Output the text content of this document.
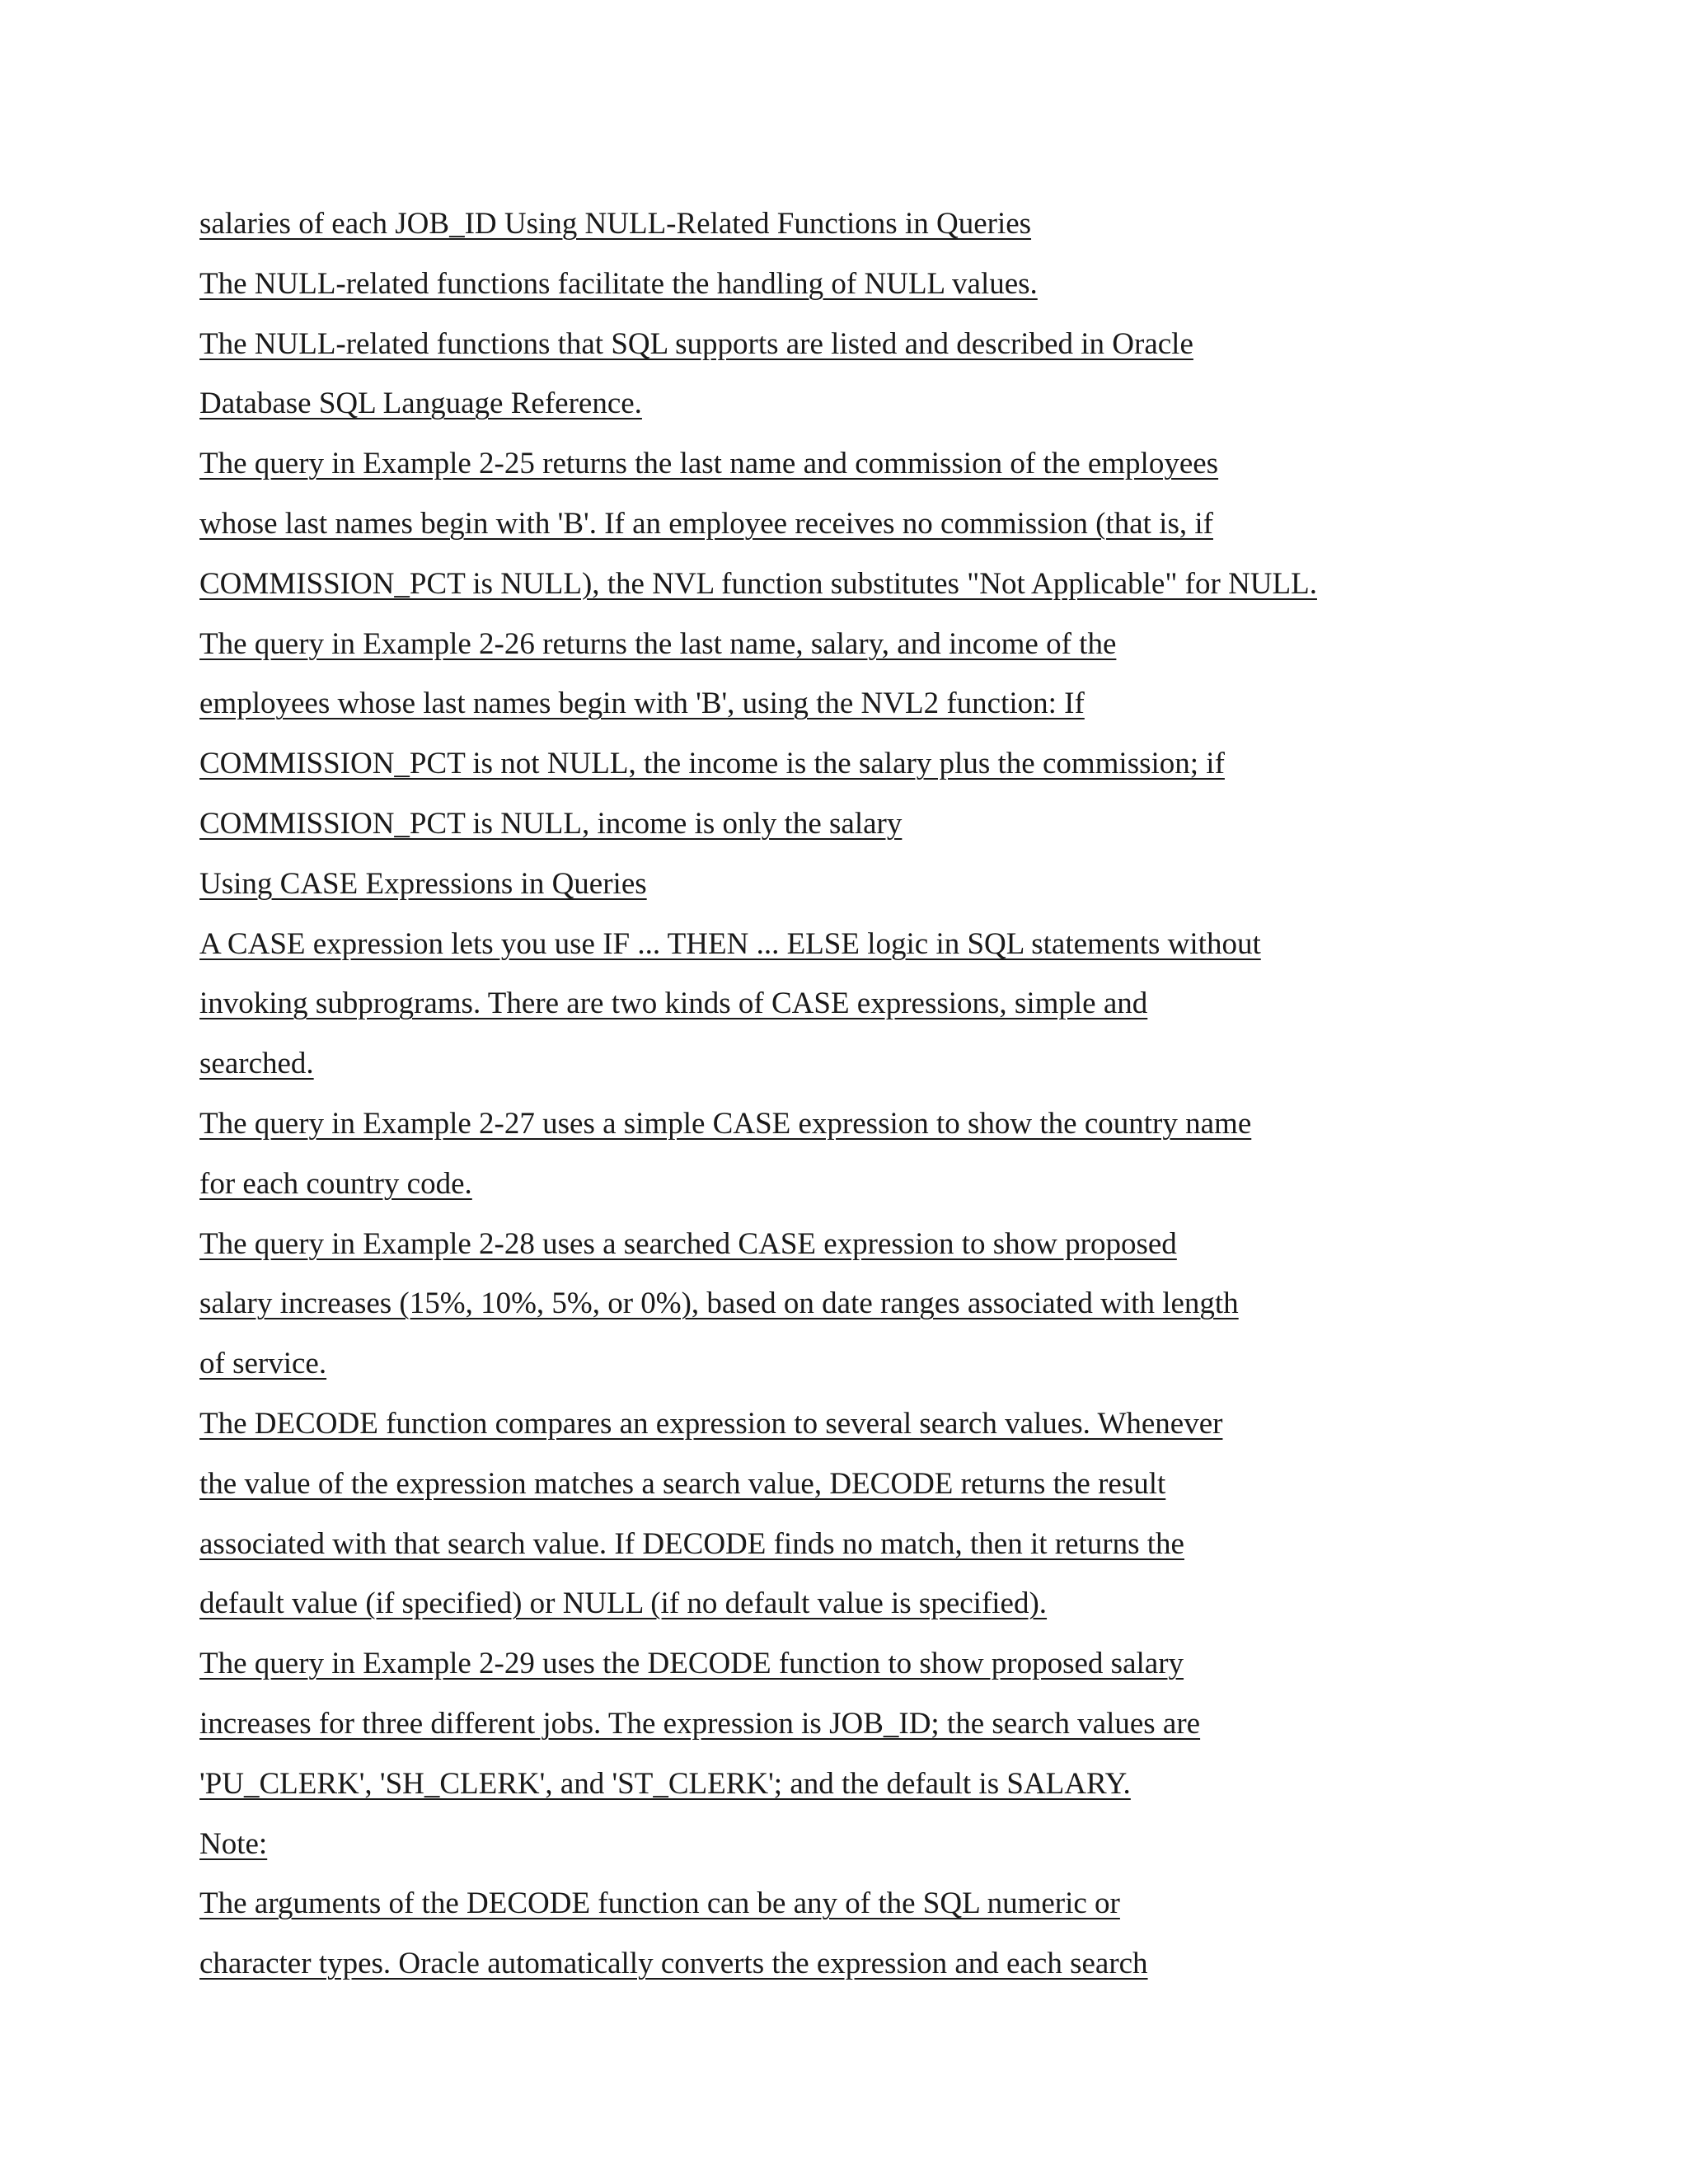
salaries of each JOB_ID Using NULL-Related Functions in Queries
The NULL-related functions facilitate the handling of NULL values.
The NULL-related functions that SQL supports are listed and described in Oracle
Database SQL Language Reference.
The query in Example 2-25 returns the last name and commission of the employees
whose last names begin with 'B'. If an employee receives no commission (that is, if
COMMISSION_PCT is NULL), the NVL function substitutes "Not Applicable" for NULL.
The query in Example 2-26 returns the last name, salary, and income of the
employees whose last names begin with 'B', using the NVL2 function: If
COMMISSION_PCT is not NULL, the income is the salary plus the commission; if
COMMISSION_PCT is NULL, income is only the salary
Using CASE Expressions in Queries
A CASE expression lets you use IF ... THEN ... ELSE logic in SQL statements without
invoking subprograms. There are two kinds of CASE expressions, simple and
searched.
The query in Example 2-27 uses a simple CASE expression to show the country name
for each country code.
The query in Example 2-28 uses a searched CASE expression to show proposed
salary increases (15%, 10%, 5%, or 0%), based on date ranges associated with length
of service.
The DECODE function compares an expression to several search values. Whenever
the value of the expression matches a search value, DECODE returns the result
associated with that search value. If DECODE finds no match, then it returns the
default value (if specified) or NULL (if no default value is specified).
The query in Example 2-29 uses the DECODE function to show proposed salary
increases for three different jobs. The expression is JOB_ID; the search values are
'PU_CLERK', 'SH_CLERK', and 'ST_CLERK'; and the default is SALARY.
Note:
The arguments of the DECODE function can be any of the SQL numeric or
character types. Oracle automatically converts the expression and each search
